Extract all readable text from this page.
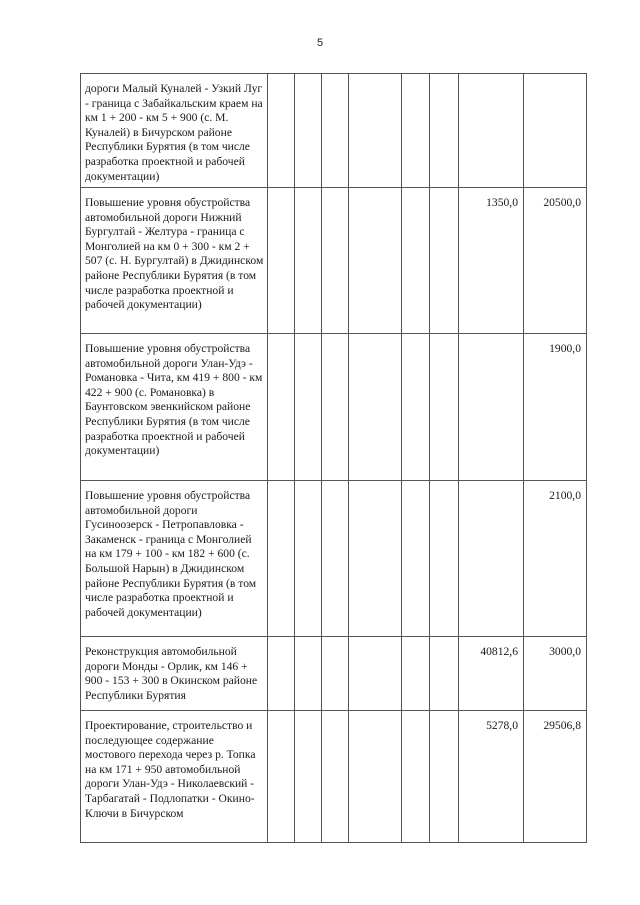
5
дороги Малый Куналей - Узкий Луг - граница с Забайкальским краем на км 1 + 200 - км 5 + 900 (с. М. Куналей) в Бичурском районе Республики Бурятия (в том числе разработка проектной и рабочей документации)								
Повышение уровня обустройства автомобильной дороги Нижний Бургултай - Желтура - граница с Монголией на км 0 + 300 - км 2 + 507 (с. Н. Бургултай) в Джидинском районе Республики Бурятия (в том числе разработка проектной и рабочей документации)							1350,0	20500,0
Повышение уровня обустройства автомобильной дороги Улан-Удэ - Романовка - Чита, км 419 + 800 - км 422 + 900 (с. Романовка) в Баунтовском эвенкийском районе Республики Бурятия (в том числе разработка проектной и рабочей документации)								1900,0
Повышение уровня обустройства автомобильной дороги Гусиноозерск - Петропавловка - Закаменск - граница с Монголией на км 179 + 100 - км 182 + 600 (с. Большой Нарын) в Джидинском районе Республики Бурятия (в том числе разработка проектной и рабочей документации)								2100,0
Реконструкция автомобильной дороги Монды - Орлик, км 146 + 900 - 153 + 300 в Окинском районе Республики Бурятия							40812,6	3000,0
Проектирование, строительство и последующее содержание мостового перехода через р. Топка на км 171 + 950 автомобильной дороги Улан-Удэ - Николаевский - Тарбагатай - Подлопатки - Окино-Ключи в Бичурском							5278,0	29506,8
